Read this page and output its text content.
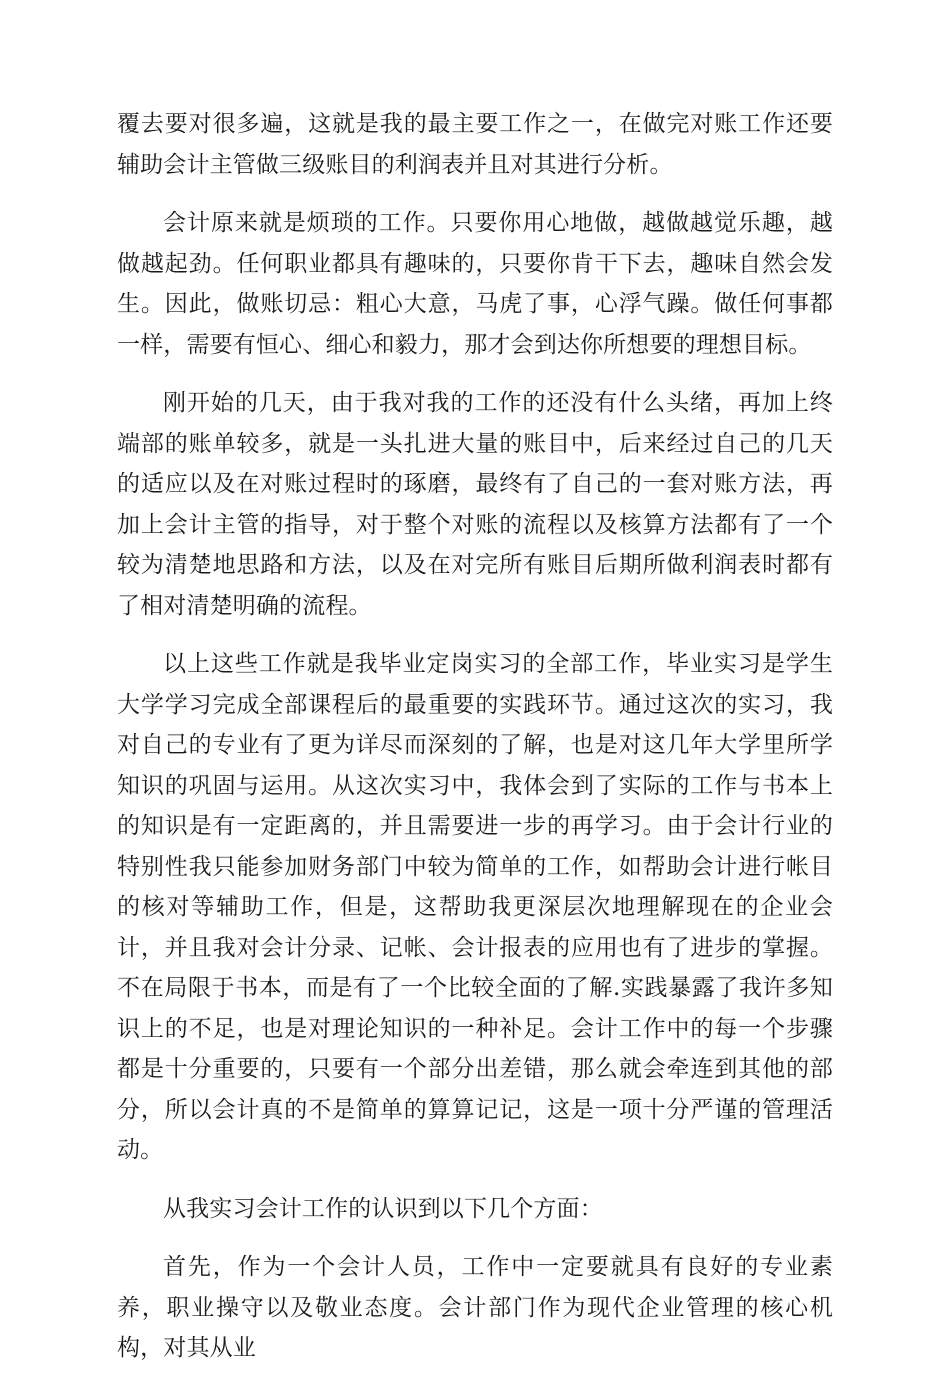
覆去要对很多遍，这就是我的最主要工作之一，在做完对账工作还要辅助会计主管做三级账目的利润表并且对其进行分析。

会计原来就是烦琐的工作。只要你用心地做，越做越觉乐趣，越做越起劲。任何职业都具有趣味的，只要你肯干下去，趣味自然会发生。因此，做账切忌：粗心大意，马虎了事，心浮气躁。做任何事都一样，需要有恒心、细心和毅力，那才会到达你所想要的理想目标。

刚开始的几天，由于我对我的工作的还没有什么头绪，再加上终端部的账单较多，就是一头扎进大量的账目中，后来经过自己的几天的适应以及在对账过程时的琢磨，最终有了自己的一套对账方法，再加上会计主管的指导，对于整个对账的流程以及核算方法都有了一个较为清楚地思路和方法，以及在对完所有账目后期所做利润表时都有了相对清楚明确的流程。

以上这些工作就是我毕业定岗实习的全部工作，毕业实习是学生大学学习完成全部课程后的最重要的实践环节。通过这次的实习，我对自己的专业有了更为详尽而深刻的了解，也是对这几年大学里所学知识的巩固与运用。从这次实习中，我体会到了实际的工作与书本上的知识是有一定距离的，并且需要进一步的再学习。由于会计行业的特别性我只能参加财务部门中较为简单的工作，如帮助会计进行帐目的核对等辅助工作，但是，这帮助我更深层次地理解现在的企业会计，并且我对会计分录、记帐、会计报表的应用也有了进步的掌握。不在局限于书本，而是有了一个比较全面的了解.实践暴露了我许多知识上的不足，也是对理论知识的一种补足。会计工作中的每一个步骤都是十分重要的，只要有一个部分出差错，那么就会牵连到其他的部分，所以会计真的不是简单的算算记记，这是一项十分严谨的管理活动。

从我实习会计工作的认识到以下几个方面：

首先，作为一个会计人员，工作中一定要就具有良好的专业素养，职业操守以及敬业态度。会计部门作为现代企业管理的核心机构，对其从业
